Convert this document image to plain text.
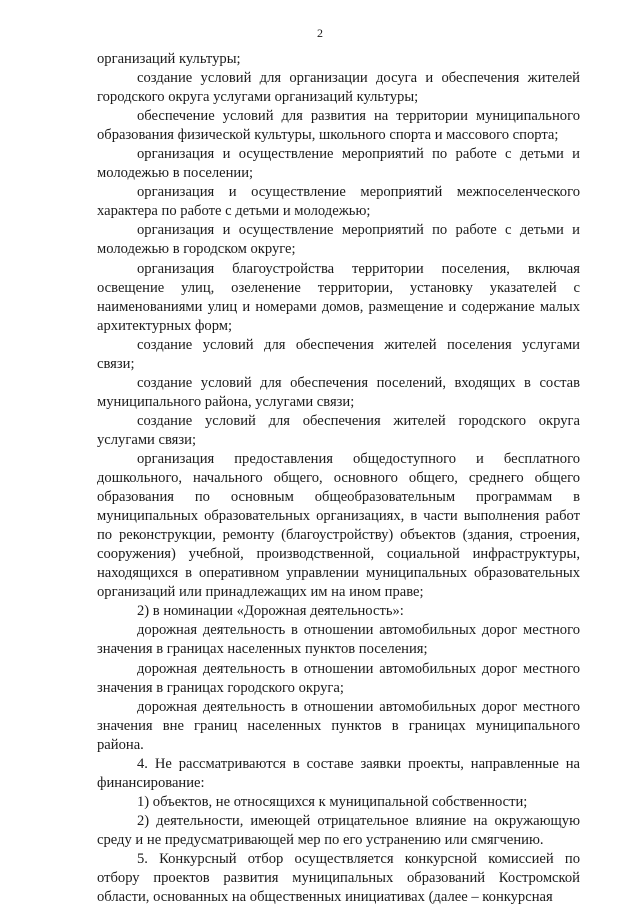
2

организаций культуры;

создание условий для организации досуга и обеспечения жителей городского округа услугами организаций культуры;

обеспечение условий для развития на территории муниципального образования физической культуры, школьного спорта и массового спорта;

организация и осуществление мероприятий по работе с детьми и молодежью в поселении;

организация и осуществление мероприятий межпоселенческого характера по работе с детьми и молодежью;

организация и осуществление мероприятий по работе с детьми и молодежью в городском округе;

организация благоустройства территории поселения, включая освещение улиц, озеленение территории, установку указателей с наименованиями улиц и номерами домов, размещение и содержание малых архитектурных форм;

создание условий для обеспечения жителей поселения услугами связи;

создание условий для обеспечения поселений, входящих в состав муниципального района, услугами связи;

создание условий для обеспечения жителей городского округа услугами связи;

организация предоставления общедоступного и бесплатного дошкольного, начального общего, основного общего, среднего общего образования по основным общеобразовательным программам в муниципальных образовательных организациях, в части выполнения работ по реконструкции, ремонту (благоустройству) объектов (здания, строения, сооружения) учебной, производственной, социальной инфраструктуры, находящихся в оперативном управлении муниципальных образовательных организаций или принадлежащих им на ином праве;

2) в номинации «Дорожная деятельность»:

дорожная деятельность в отношении автомобильных дорог местного значения в границах населенных пунктов поселения;

дорожная деятельность в отношении автомобильных дорог местного значения в границах городского округа;

дорожная деятельность в отношении автомобильных дорог местного значения вне границ населенных пунктов в границах муниципального района.

4. Не рассматриваются в составе заявки проекты, направленные на финансирование:

1) объектов, не относящихся к муниципальной собственности;

2) деятельности, имеющей отрицательное влияние на окружающую среду и не предусматривающей мер по его устранению или смягчению.

5. Конкурсный отбор осуществляется конкурсной комиссией по отбору проектов развития муниципальных образований Костромской области, основанных на общественных инициативах (далее – конкурсная
